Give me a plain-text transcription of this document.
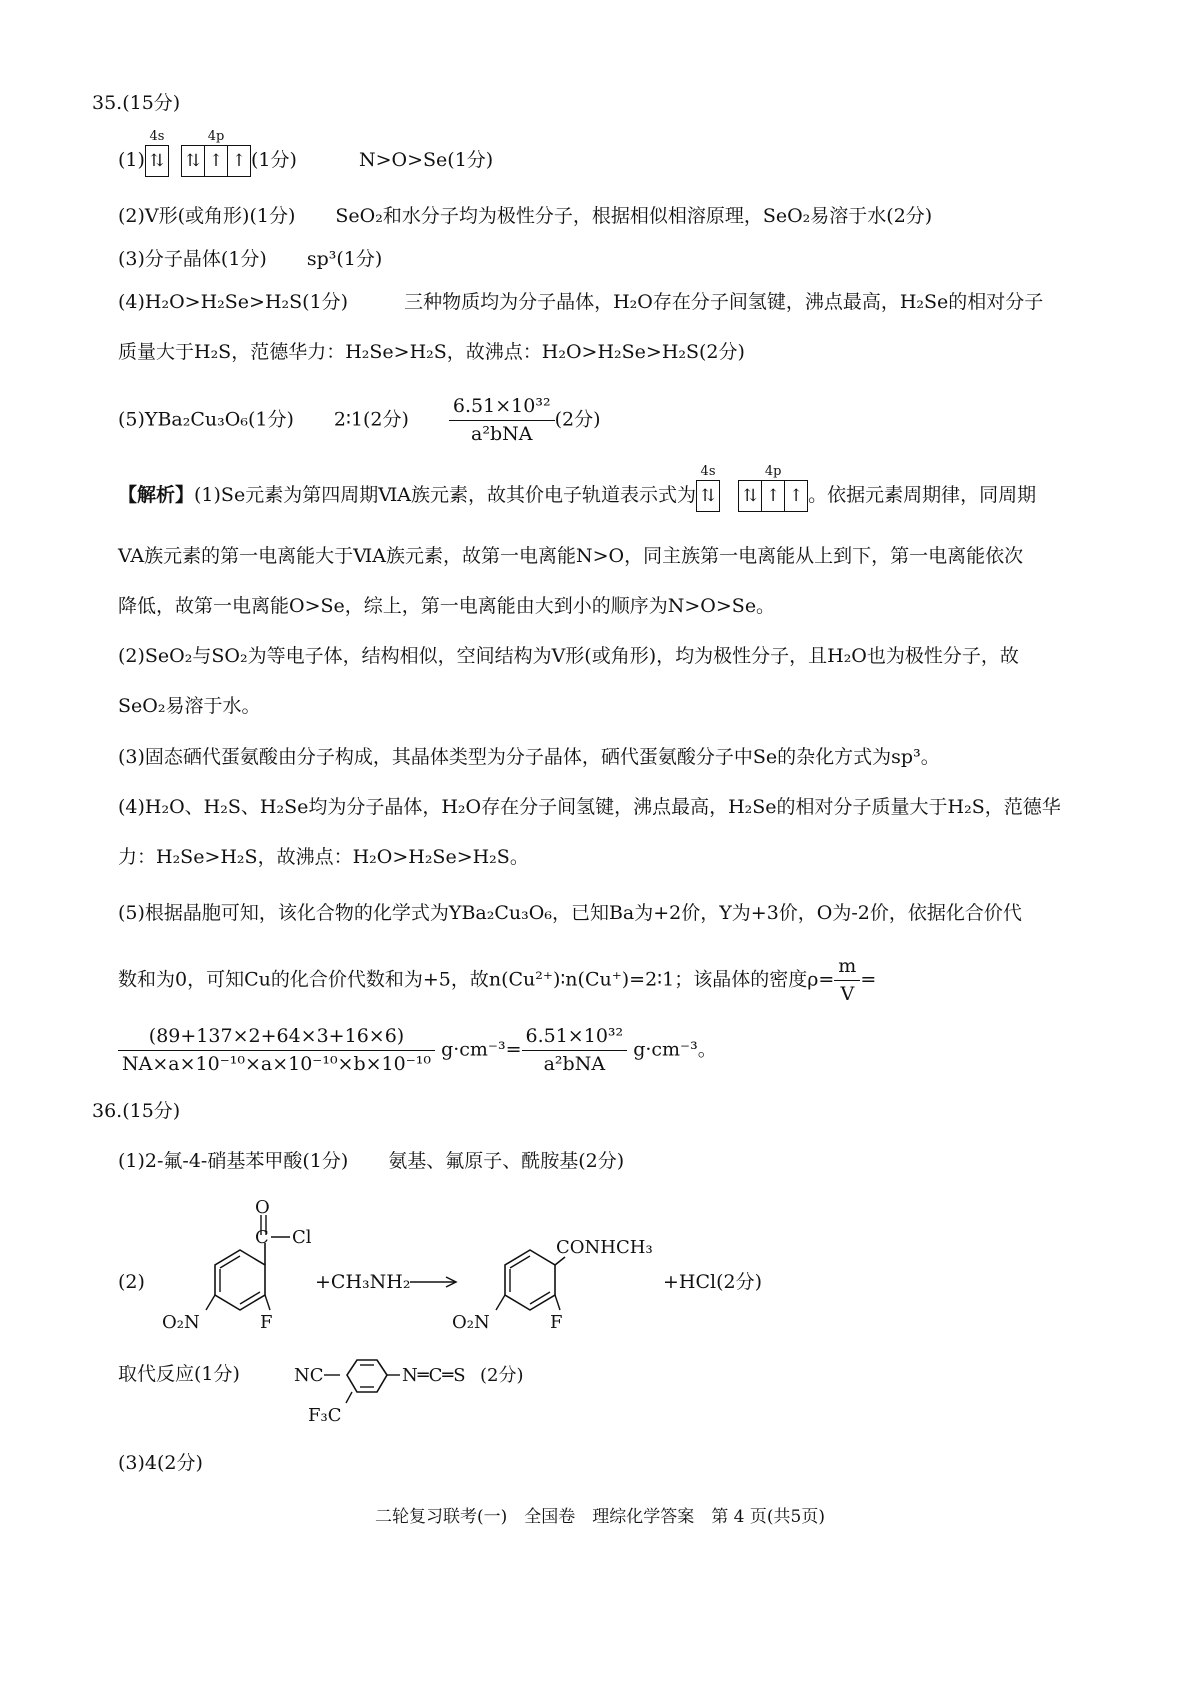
35.(15分)
(1)
4s
⇅
4p
⇅ ↑ ↑ (1分)	N>O>Se(1分)
(2)V形(或角形)(1分) SeO₂和水分子均为极性分子，根据相似相溶原理，SeO₂易溶于水(2分)
(3)分子晶体(1分) sp³(1分)
(4)H₂O>H₂Se>H₂S(1分)	三种物质均为分子晶体，H₂O存在分子间氢键，沸点最高，H₂Se的相对分子
质量大于H₂S，范德华力：H₂Se>H₂S，故沸点：H₂O>H₂Se>H₂S(2分)
(5)YBa₂Cu₃O₆(1分) 2∶1(2分) $\frac{\text{6.51×10³²}}{\text{a²bNA}} (2$分)
【解析】(1)Se元素为第四周期ⅥA族元素，故其价电子轨道表示式为
4s
⇅
4p
⇅ ↑ ↑ 。依据元素周期律，同周期
VA族元素的第一电离能大于ⅥA族元素，故第一电离能N>O，同主族第一电离能从上到下，第一电离能依次
降低，故第一电离能O>Se，综上，第一电离能由大到小的顺序为N>O>Se。
(2)SeO₂与SO₂为等电子体，结构相似，空间结构为V形(或角形)，均为极性分子，且H₂O也为极性分子，故
SeO₂易溶于水。
(3)固态硒代蛋氨酸由分子构成，其晶体类型为分子晶体，硒代蛋氨酸分子中Se的杂化方式为sp³。
(4)H₂O、H₂S、H₂Se均为分子晶体，H₂O存在分子间氢键，沸点最高，H₂Se的相对分子质量大于H₂S，范德华
力：H₂Se>H₂S，故沸点：H₂O>H₂Se>H₂S。
(5)根据晶胞可知，该化合物的化学式为YBa₂Cu₃O₆，已知Ba为+2价，Y为+3价，O为-2价，依据化合价代
数和为0，可知Cu的化合价代数和为+5，故n(Cu²⁺)∶n(Cu⁺)=2∶1；该晶体的密度$\rho= \frac{m}{V}$ =
$\frac{(89+137\times 2+64\times 3+16\times 6)}{\text{NA×a×10⁻¹⁰×a×10⁻¹⁰×b×10⁻¹⁰}} g\cdot cm^{-3}= \frac{\text{6.51×10³²}}{\text{a²bNA}} g\cdot cm^{-3}$。
36.(15分)
(1)2-氟-4-硝基苯甲酸(1分) 氨基、氟原子、酰胺基(2分)
(2)
O
C Cl
F
O₂N
+CH₃NH₂
CONHCH₃
F
O₂N
+HCl(2分)
取代反应(1分)	NC	N═C═S
F₃C
(2分)
(3)4(2分)
二轮复习联考(一)　全国卷　理综化学答案　第 4 页(共5页)
